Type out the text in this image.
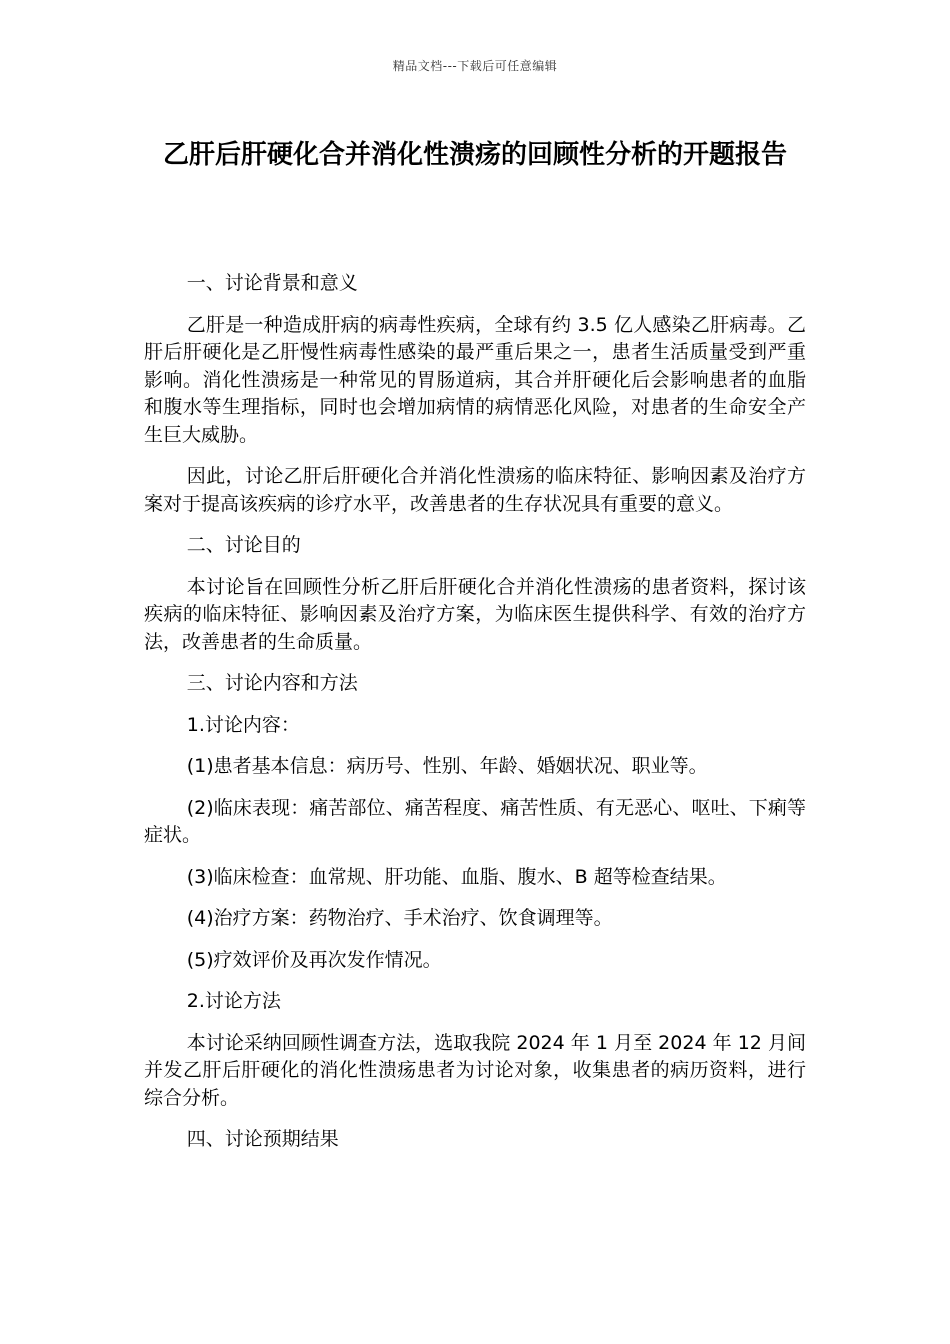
精品文档---下载后可任意编辑
乙肝后肝硬化合并消化性溃疡的回顾性分析的开题报告

一、讨论背景和意义

乙肝是一种造成肝病的病毒性疾病，全球有约 3.5 亿人感染乙肝病毒。乙肝后肝硬化是乙肝慢性病毒性感染的最严重后果之一，患者生活质量受到严重影响。消化性溃疡是一种常见的胃肠道病，其合并肝硬化后会影响患者的血脂和腹水等生理指标，同时也会增加病情的病情恶化风险，对患者的生命安全产生巨大威胁。

因此，讨论乙肝后肝硬化合并消化性溃疡的临床特征、影响因素及治疗方案对于提高该疾病的诊疗水平，改善患者的生存状况具有重要的意义。

二、讨论目的

本讨论旨在回顾性分析乙肝后肝硬化合并消化性溃疡的患者资料，探讨该疾病的临床特征、影响因素及治疗方案，为临床医生提供科学、有效的治疗方法，改善患者的生命质量。

三、讨论内容和方法

1.讨论内容：

(1)患者基本信息：病历号、性别、年龄、婚姻状况、职业等。

(2)临床表现：痛苦部位、痛苦程度、痛苦性质、有无恶心、呕吐、下痢等症状。

(3)临床检查：血常规、肝功能、血脂、腹水、B 超等检查结果。

(4)治疗方案：药物治疗、手术治疗、饮食调理等。

(5)疗效评价及再次发作情况。

2.讨论方法

本讨论采纳回顾性调查方法，选取我院 2024 年 1 月至 2024 年 12 月间并发乙肝后肝硬化的消化性溃疡患者为讨论对象，收集患者的病历资料，进行综合分析。

四、讨论预期结果
